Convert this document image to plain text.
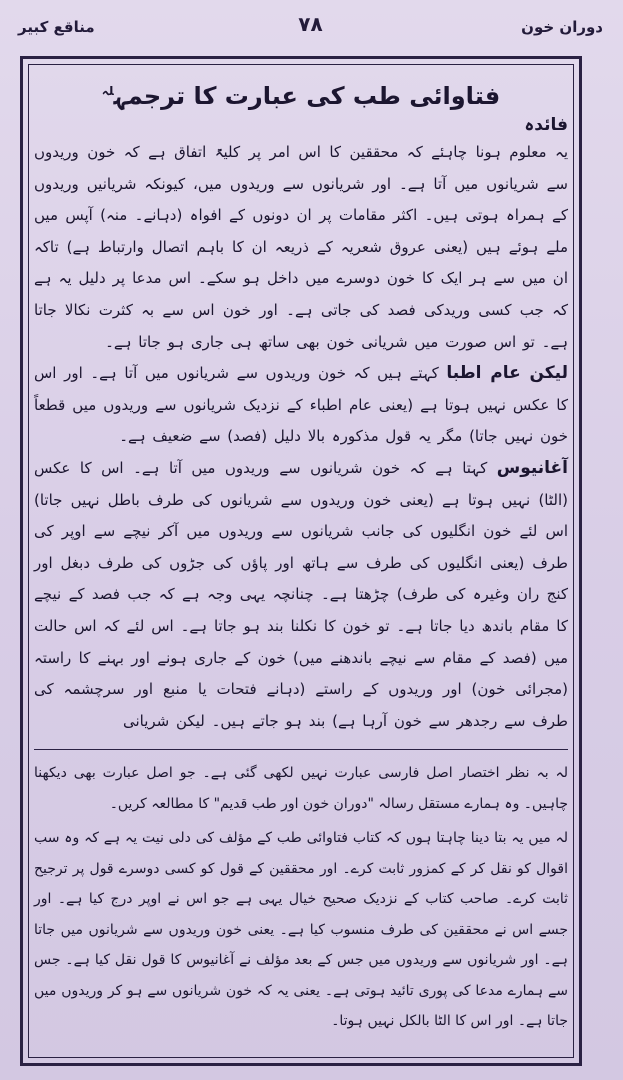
مناقع کبیر	۷۸	دوران خون
فتاوائی طب کی عبارت کا ترجمہ$^{لہ}$
فائدہ

یہ معلوم ہونا چاہئے کہ محققین کا اس امر پر کلیۃً اتفاق ہے کہ خون وریدوں سے شریانوں میں آتا ہے۔ اور شریانوں سے وریدوں میں، کیونکہ شریانیں وریدوں کے ہمراہ ہوتی ہیں۔ اکثر مقامات پر ان دونوں کے افواہ (دہانے۔ منہ) آپس میں ملے ہوئے ہیں (یعنی عروق شعریہ کے ذریعہ ان کا باہم اتصال وارتباط ہے) تاکہ ان میں سے ہر ایک کا خون دوسرے میں داخل ہو سکے۔ اس مدعا پر دلیل یہ ہے کہ جب کسی وریدکی فصد کی جاتی ہے۔ اور خون اس سے بہ کثرت نکالا جاتا ہے۔ تو اس صورت میں شریانی خون بھی ساتھ ہی جاری ہو جاتا ہے۔

لیکن عام اطبا کہتے ہیں کہ خون وریدوں سے شریانوں میں آتا ہے۔ اور اس کا عکس نہیں ہوتا ہے (یعنی عام اطباء کے نزدیک شریانوں سے وریدوں میں قطعاً خون نہیں جاتا) مگر یہ قول مذکورہ بالا دلیل (فصد) سے ضعیف ہے۔

آغانیوس کہتا ہے کہ خون شریانوں سے وریدوں میں آتا ہے۔ اس کا عکس (الٹا) نہیں ہوتا ہے (یعنی خون وریدوں سے شریانوں کی طرف باطل نہیں جاتا) اس لئے خون انگلیوں کی جانب شریانوں سے وریدوں میں آکر نیچے سے اوپر کی طرف (یعنی انگلیوں کی طرف سے ہاتھ اور پاؤں کی جڑوں کی طرف دبغل اور کنج ران وغیرہ کی طرف) چڑھتا ہے۔ چنانچہ یہی وجہ ہے کہ جب فصد کے نیچے کا مقام باندھ دیا جاتا ہے۔ تو خون کا نکلنا بند ہو جاتا ہے۔ اس لئے کہ اس حالت میں (فصد کے مقام سے نیچے باندھنے میں) خون کے جاری ہونے اور بہنے کا راستہ (مجرائی خون) اور وریدوں کے راستے (دہانے فتحات یا منبع اور سرچشمہ کی طرف سے رجدھر سے خون آرہا ہے) بند ہو جاتے ہیں۔ لیکن شریانی

لہ بہ نظر اختصار اصل فارسی عبارت نہیں لکھی گئی ہے۔ جو اصل عبارت بھی دیکھنا چاہیں۔ وہ ہمارے مستقل رسالہ "دوران خون اور طب قدیم" کا مطالعہ کریں۔

لہ میں یہ بتا دینا چاہتا ہوں کہ کتاب فتاوائی طب کے مؤلف کی دلی نیت یہ ہے کہ وہ سب اقوال کو نقل کر کے کمزور ثابت کرے۔ اور محققین کے قول کو کسی دوسرے قول پر ترجیح ثابت کرے۔ صاحب کتاب کے نزدیک صحیح خیال یہی ہے جو اس نے اوپر درج کیا ہے۔ اور جسے اس نے محققین کی طرف منسوب کیا ہے۔ یعنی خون وریدوں سے شریانوں میں جاتا ہے۔ اور شریانوں سے وریدوں میں جس کے بعد مؤلف نے آغانیوس کا قول نقل کیا ہے۔ جس سے ہمارے مدعا کی پوری تائید ہوتی ہے۔ یعنی یہ کہ خون شریانوں سے ہو کر وریدوں میں جاتا ہے۔ اور اس کا الٹا بالکل نہیں ہوتا۔
